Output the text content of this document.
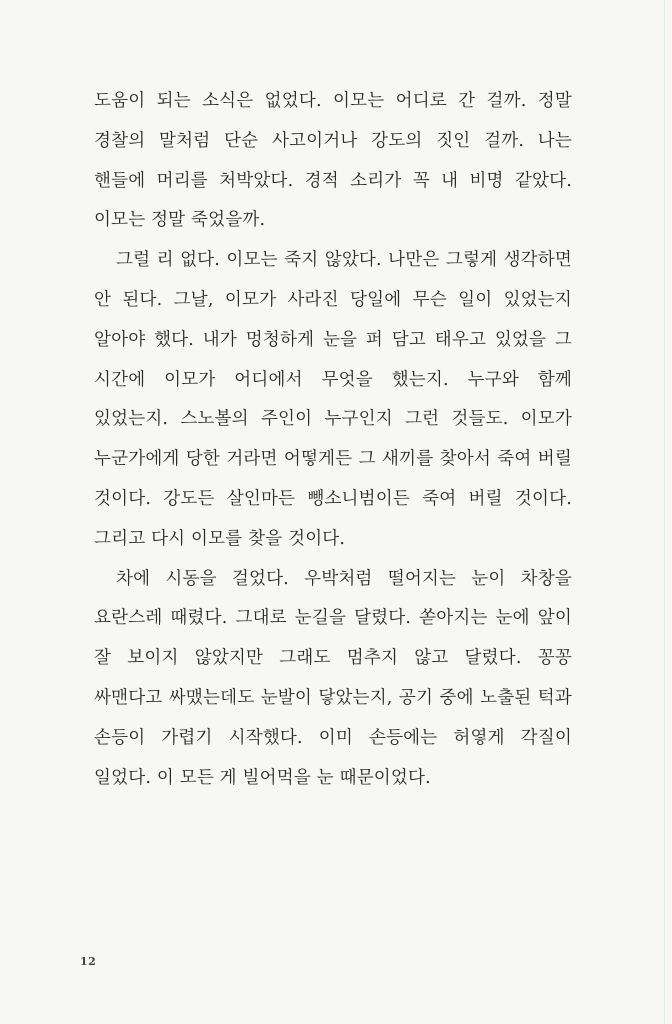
도움이 되는 소식은 없었다. 이모는 어디로 간 걸까. 정말 경찰의 말처럼 단순 사고이거나 강도의 짓인 걸까. 나는 핸들에 머리를 처박았다. 경적 소리가 꼭 내 비명 같았다. 이모는 정말 죽었을까.

그럴 리 없다. 이모는 죽지 않았다. 나만은 그렇게 생각하면 안 된다. 그날, 이모가 사라진 당일에 무슨 일이 있었는지 알아야 했다. 내가 멍청하게 눈을 퍼 담고 태우고 있었을 그 시간에 이모가 어디에서 무엇을 했는지. 누구와 함께 있었는지. 스노볼의 주인이 누구인지 그런 것들도. 이모가 누군가에게 당한 거라면 어떻게든 그 새끼를 찾아서 죽여 버릴 것이다. 강도든 살인마든 뺑소니범이든 죽여 버릴 것이다. 그리고 다시 이모를 찾을 것이다.

차에 시동을 걸었다. 우박처럼 떨어지는 눈이 차창을 요란스레 때렸다. 그대로 눈길을 달렸다. 쏟아지는 눈에 앞이 잘 보이지 않았지만 그래도 멈추지 않고 달렸다. 꽁꽁 싸맨다고 싸맸는데도 눈발이 닿았는지, 공기 중에 노출된 턱과 손등이 가렵기 시작했다. 이미 손등에는 허옇게 각질이 일었다. 이 모든 게 빌어먹을 눈 때문이었다.

12
